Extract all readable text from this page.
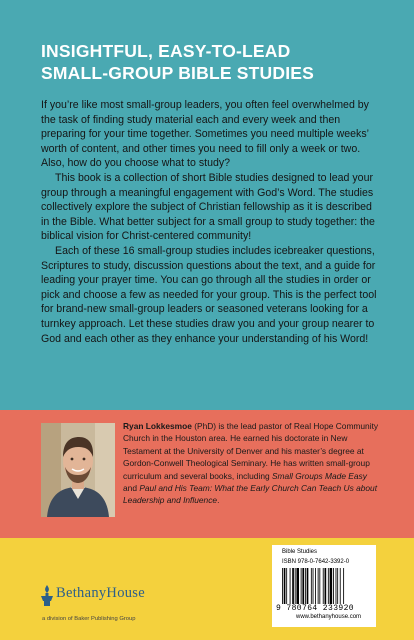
INSIGHTFUL, EASY-TO-LEAD
SMALL-GROUP BIBLE STUDIES

If you’re like most small-group leaders, you often feel overwhelmed by the task of finding study material each and every week and then preparing for your time together. Sometimes you need multiple weeks’ worth of content, and other times you need to fill only a week or two. Also, how do you choose what to study?

This book is a collection of short Bible studies designed to lead your group through a meaningful engagement with God’s Word. The studies collectively explore the subject of Christian fellowship as it is described in the Bible. What better subject for a small group to study together: the biblical vision for Christ-centered community!

Each of these 16 small-group studies includes icebreaker questions, Scriptures to study, discussion questions about the text, and a guide for leading your prayer time. You can go through all the studies in order or pick and choose a few as needed for your group. This is the perfect tool for brand-new small-group leaders or seasoned veterans looking for a turnkey approach. Let these studies draw you and your group nearer to God and each other as they enhance your understanding of his Word!

Ryan Lokkesmoe (PhD) is the lead pastor of Real Hope Community Church in the Houston area. He earned his doctorate in New Testament at the University of Denver and his master’s degree at Gordon-Conwell Theological Seminary. He has written small-group curriculum and several books, including Small Groups Made Easy and Paul and His Team: What the Early Church Can Teach Us about Leadership and Influence.
Bible Studies
ISBN 978-0-7642-3392-0
9 780764 233920
www.bethanyhouse.com
BethanyHouse
a division of Baker Publishing Group
